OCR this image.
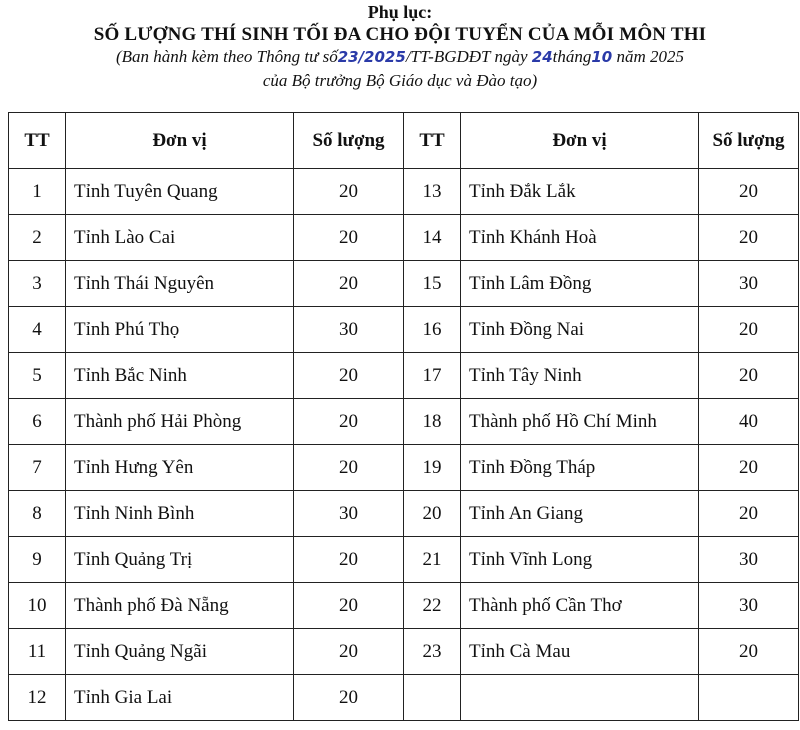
Phụ lục:
SỐ LƯỢNG THÍ SINH TỐI ĐA CHO ĐỘI TUYỂN CỦA MỖI MÔN THI
(Ban hành kèm theo Thông tư số23/2025/TT-BGDĐT ngày 24tháng10 năm 2025
của Bộ trưởng Bộ Giáo dục và Đào tạo)
TT	Đơn vị	Số lượng	TT	Đơn vị	Số lượng
1	Tỉnh Tuyên Quang	20	13	Tỉnh Đắk Lắk	20
2	Tỉnh Lào Cai	20	14	Tỉnh Khánh Hoà	20
3	Tỉnh Thái Nguyên	20	15	Tỉnh Lâm Đồng	30
4	Tỉnh Phú Thọ	30	16	Tỉnh Đồng Nai	20
5	Tỉnh Bắc Ninh	20	17	Tỉnh Tây Ninh	20
6	Thành phố Hải Phòng	20	18	Thành phố Hồ Chí Minh	40
7	Tỉnh Hưng Yên	20	19	Tỉnh Đồng Tháp	20
8	Tỉnh Ninh Bình	30	20	Tỉnh An Giang	20
9	Tỉnh Quảng Trị	20	21	Tỉnh Vĩnh Long	30
10	Thành phố Đà Nẵng	20	22	Thành phố Cần Thơ	30
11	Tỉnh Quảng Ngãi	20	23	Tỉnh Cà Mau	20
12	Tỉnh Gia Lai	20			
